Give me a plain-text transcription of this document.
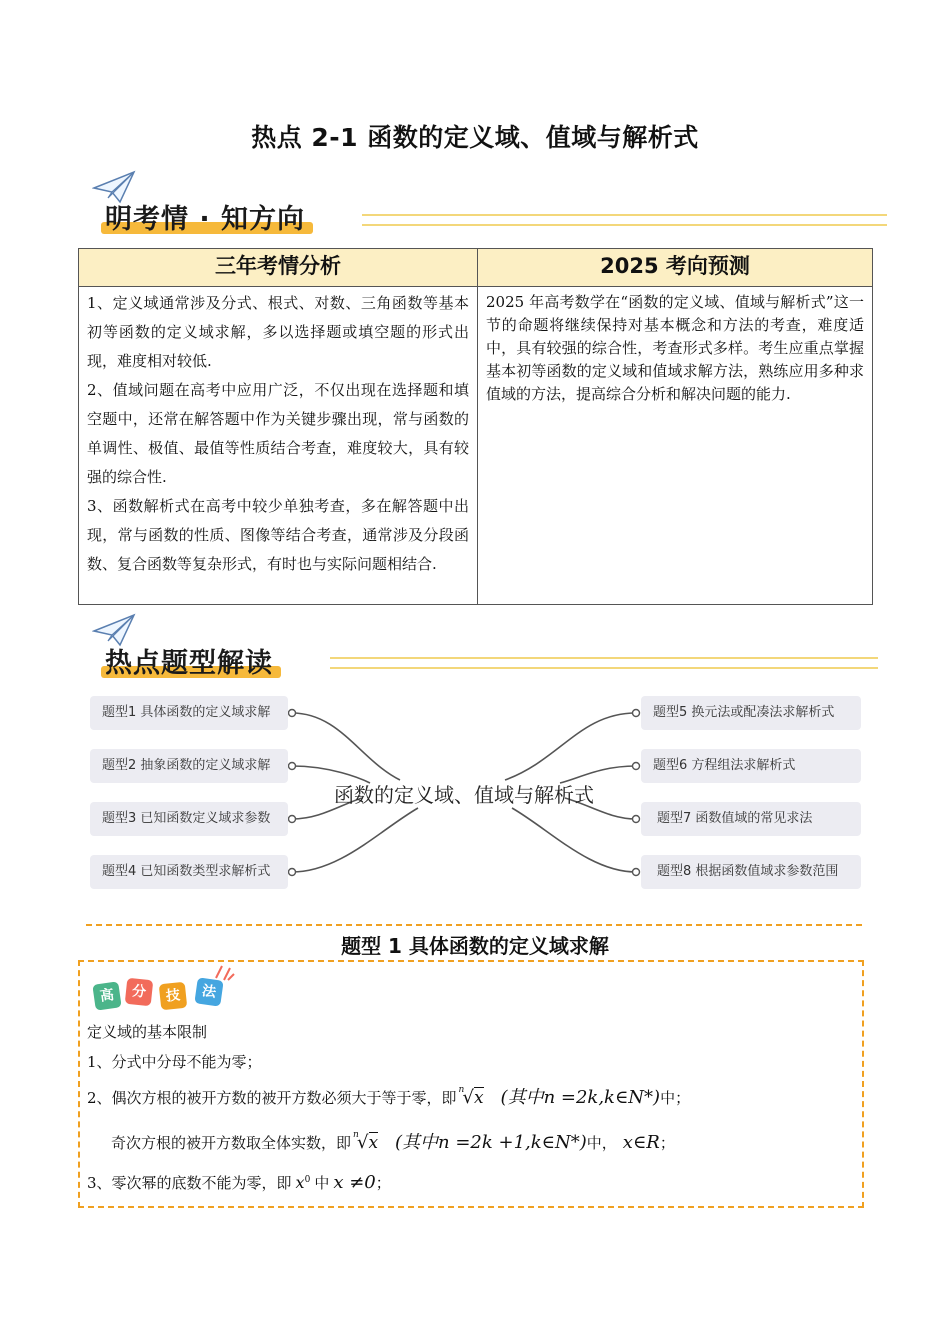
热点 2-1 函数的定义域、值域与解析式
明考情 · 知方向
三年考情分析	2025 考向预测

1、定义域通常涉及分式、根式、对数、三角函数等基本初等函数的定义域求解，多以选择题或填空题的形式出现，难度相对较低.

2、值域问题在高考中应用广泛，不仅出现在选择题和填空题中，还常在解答题中作为关键步骤出现，常与函数的单调性、极值、最值等性质结合考查，难度较大，具有较强的综合性.

3、函数解析式在高考中较少单独考查，多在解答题中出现，常与函数的性质、图像等结合考查，通常涉及分段函数、复合函数等复杂形式，有时也与实际问题相结合.	2025 年高考数学在“函数的定义域、值域与解析式”这一节的命题将继续保持对基本概念和方法的考查，难度适中，具有较强的综合性，考查形式多样。考生应重点掌握基本初等函数的定义域和值域求解方法，熟练应用多种求值域的方法，提高综合分析和解决问题的能力.
热点题型解读
题型1 具体函数的定义域求解
题型2 抽象函数的定义域求解
题型3 已知函数定义域求参数
题型4 已知函数类型求解析式
题型5 换元法或配凑法求解析式
题型6 方程组法求解析式
题型7 函数值域的常见求法
题型8 根据函数值域求参数范围
函数的定义域、值域与解析式
题型 1 具体函数的定义域求解
高	分	技	法
定义域的基本限制
1、分式中分母不能为零；
2、偶次方根的被开方数的被开方数必须大于等于零，即 n
√x (其中n =2k,k∈N*)中；
奇次方根的被开方数取全体实数，即 n
√x (其中n =2k +1,k∈N*)中， x∈R；
3、零次幂的底数不能为零，即 $x^0$ 中 x ≠0；
